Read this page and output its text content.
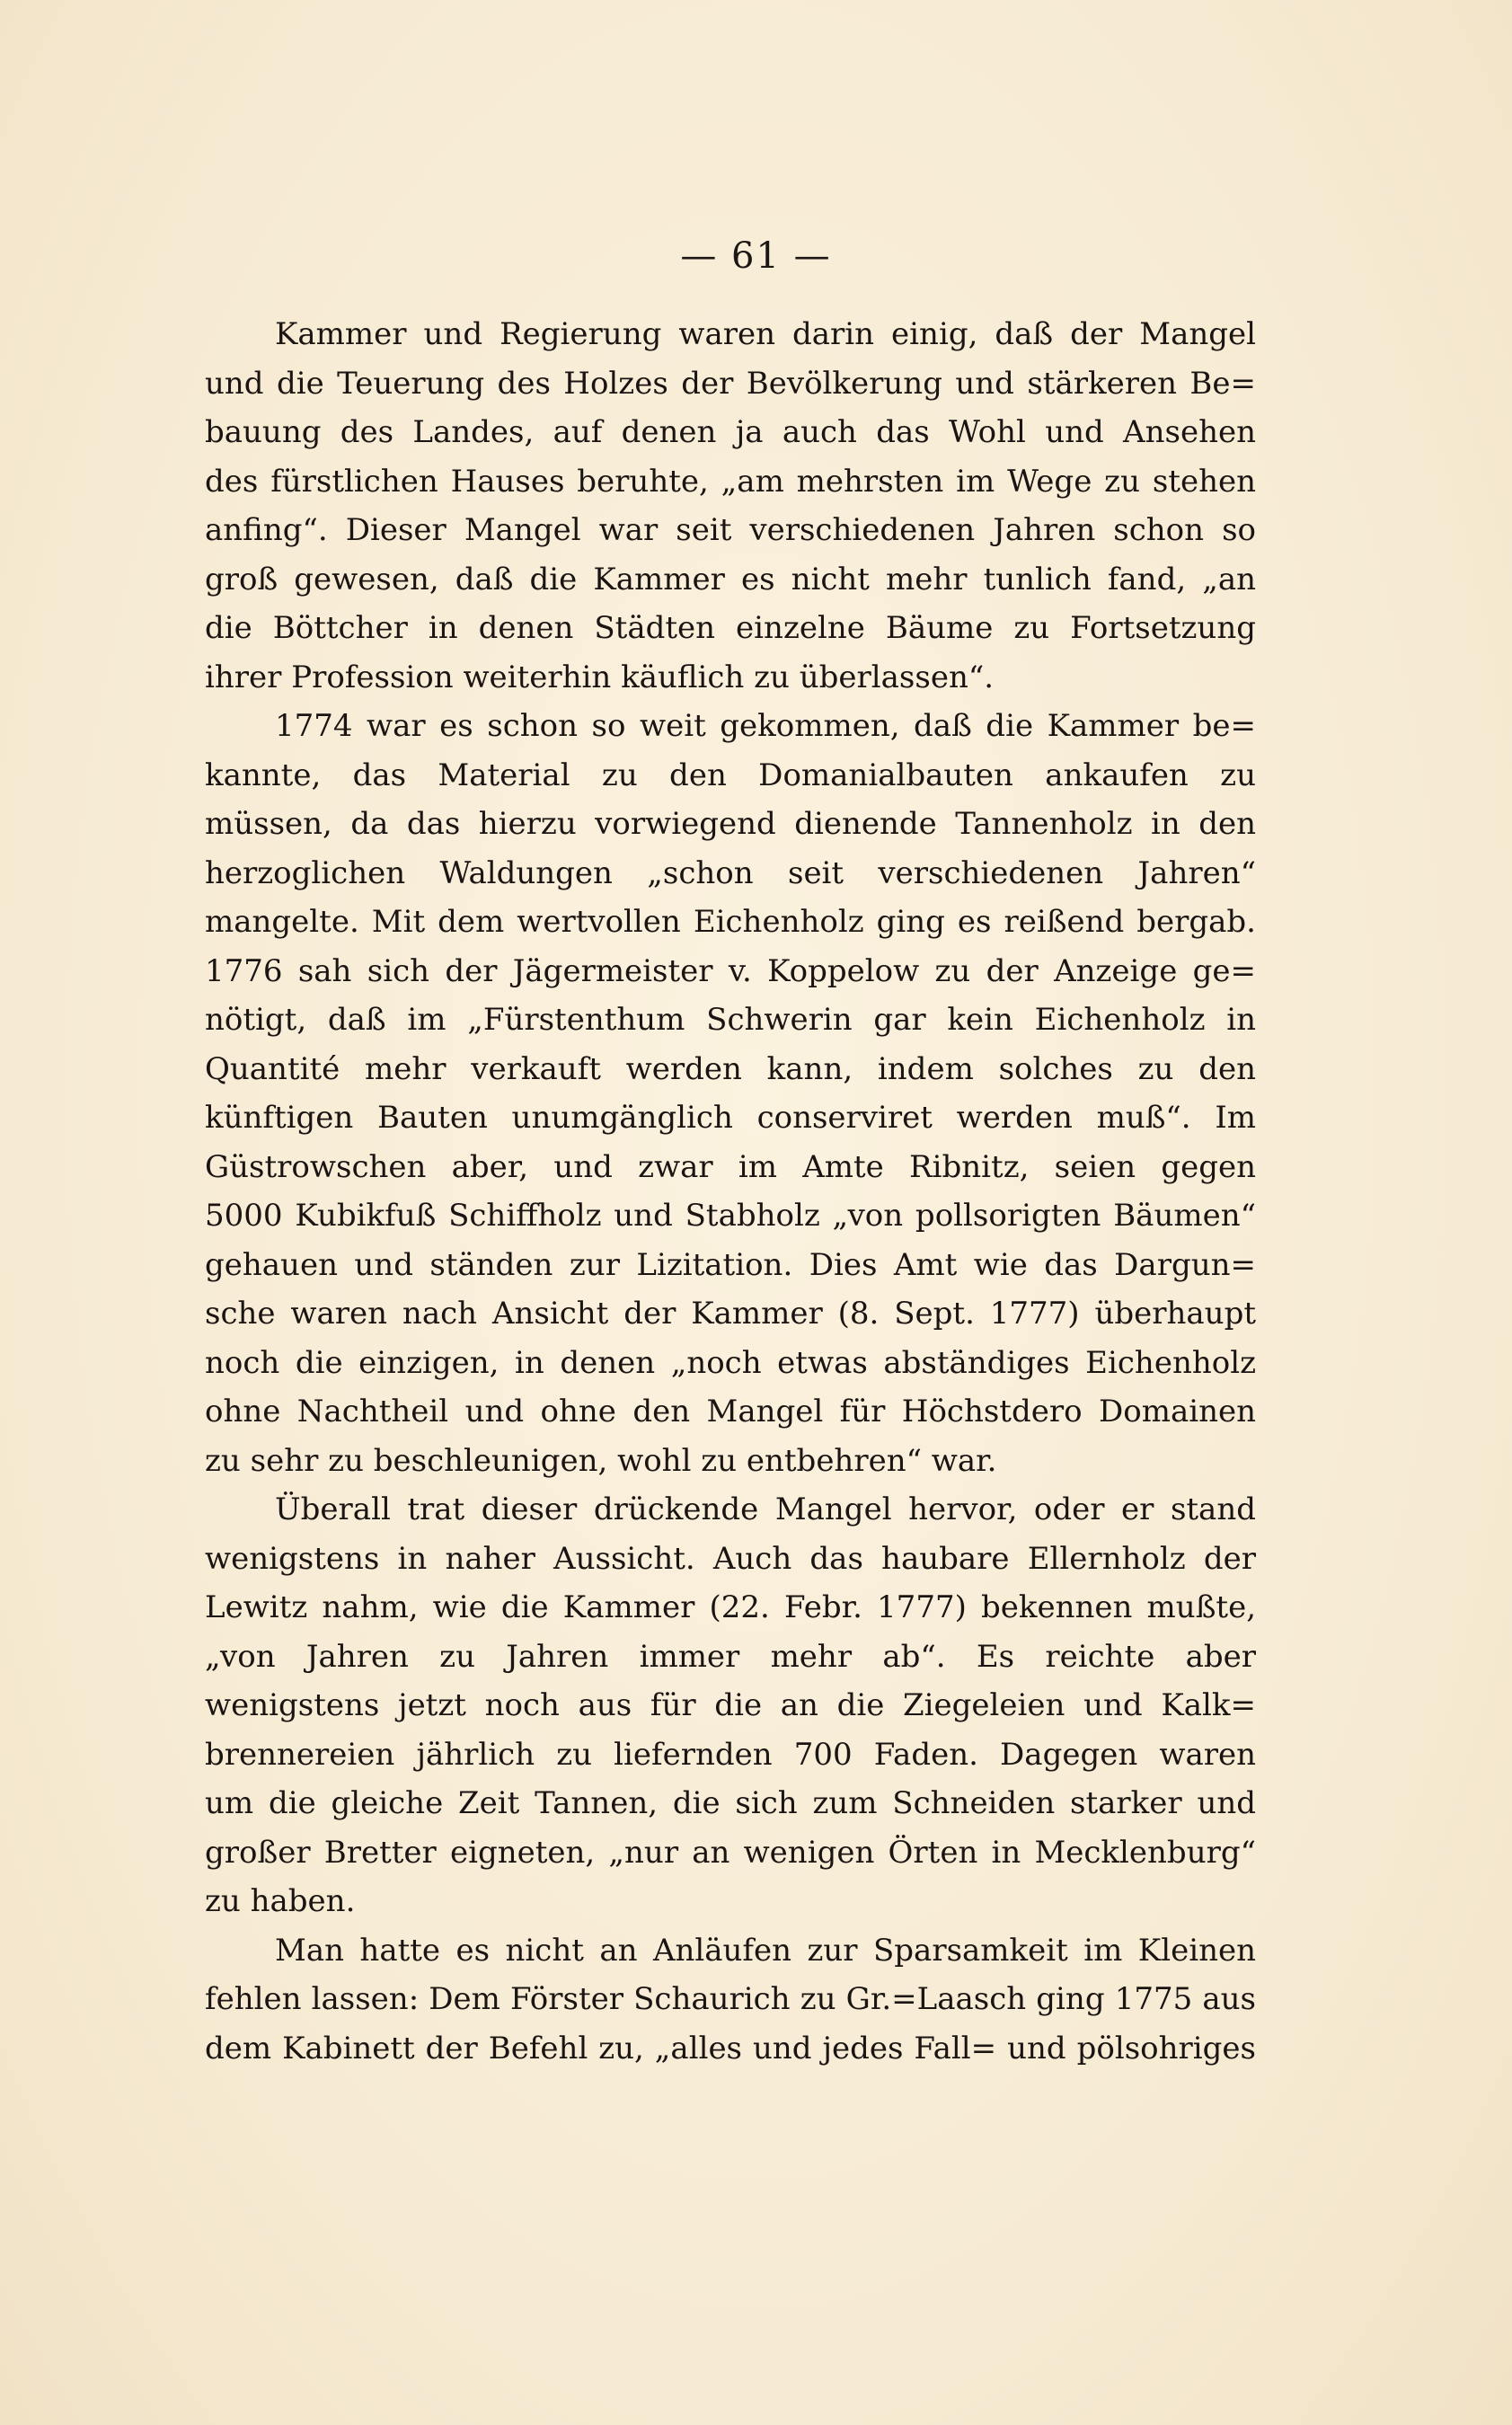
— 61 —
Kammer und Regierung waren darin einig, daß der Mangel
und die Teuerung des Holzes der Bevölkerung und stärkeren Be=
bauung des Landes, auf denen ja auch das Wohl und Ansehen
des fürstlichen Hauses beruhte, „am mehrsten im Wege zu stehen
anfing“. Dieser Mangel war seit verschiedenen Jahren schon so
groß gewesen, daß die Kammer es nicht mehr tunlich fand, „an
die Böttcher in denen Städten einzelne Bäume zu Fortsetzung
ihrer Profession weiterhin käuflich zu überlassen“.
1774 war es schon so weit gekommen, daß die Kammer be=
kannte, das Material zu den Domanialbauten ankaufen zu
müssen, da das hierzu vorwiegend dienende Tannenholz in den
herzoglichen Waldungen „schon seit verschiedenen Jahren“
mangelte. Mit dem wertvollen Eichenholz ging es reißend bergab.
1776 sah sich der Jägermeister v. Koppelow zu der Anzeige ge=
nötigt, daß im „Fürstenthum Schwerin gar kein Eichenholz in
Quantité mehr verkauft werden kann, indem solches zu den
künftigen Bauten unumgänglich conserviret werden muß“. Im
Güstrowschen aber, und zwar im Amte Ribnitz, seien gegen
5000 Kubikfuß Schiffholz und Stabholz „von pollsorigten Bäumen“
gehauen und ständen zur Lizitation. Dies Amt wie das Dargun=
sche waren nach Ansicht der Kammer (8. Sept. 1777) überhaupt
noch die einzigen, in denen „noch etwas abständiges Eichenholz
ohne Nachtheil und ohne den Mangel für Höchstdero Domainen
zu sehr zu beschleunigen, wohl zu entbehren“ war.
Überall trat dieser drückende Mangel hervor, oder er stand
wenigstens in naher Aussicht. Auch das haubare Ellernholz der
Lewitz nahm, wie die Kammer (22. Febr. 1777) bekennen mußte,
„von Jahren zu Jahren immer mehr ab“. Es reichte aber
wenigstens jetzt noch aus für die an die Ziegeleien und Kalk=
brennereien jährlich zu liefernden 700 Faden. Dagegen waren
um die gleiche Zeit Tannen, die sich zum Schneiden starker und
großer Bretter eigneten, „nur an wenigen Örten in Mecklenburg“
zu haben.
Man hatte es nicht an Anläufen zur Sparsamkeit im Kleinen
fehlen lassen: Dem Förster Schaurich zu Gr.=Laasch ging 1775 aus
dem Kabinett der Befehl zu, „alles und jedes Fall= und pölsohriges
